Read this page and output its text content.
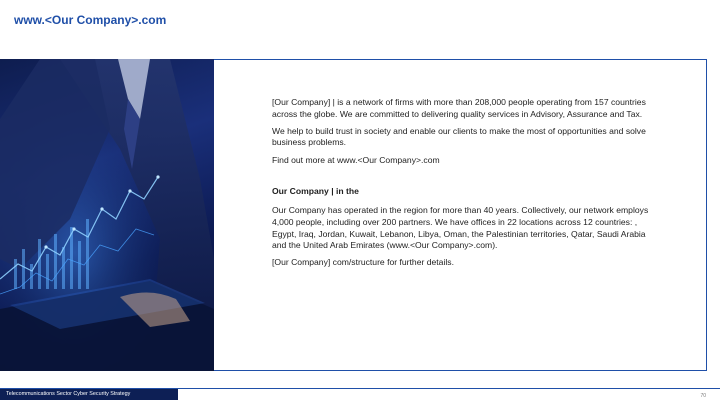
www.<Our Company>.com

[Our Company] | is a network of firms with more than 208,000 people operating from 157 countries across the globe. We are committed to delivering quality services in Advisory, Assurance and Tax.

We help to build trust in society and enable our clients to make the most of opportunities and solve business problems.

Find out more at www.<Our Company>.com

Our Company | in the

Our Company has operated in the region for more than 40 years. Collectively, our network employs 4,000 people, including over 200 partners. We have offices in 22 locations across 12 countries: , Egypt, Iraq, Jordan, Kuwait, Lebanon, Libya, Oman, the Palestinian territories, Qatar, Saudi Arabia and the United Arab Emirates (www.<Our Company>.com).

[Our Company] com/structure for further details.

Telecommunications Sector Cyber Security Strategy	70
